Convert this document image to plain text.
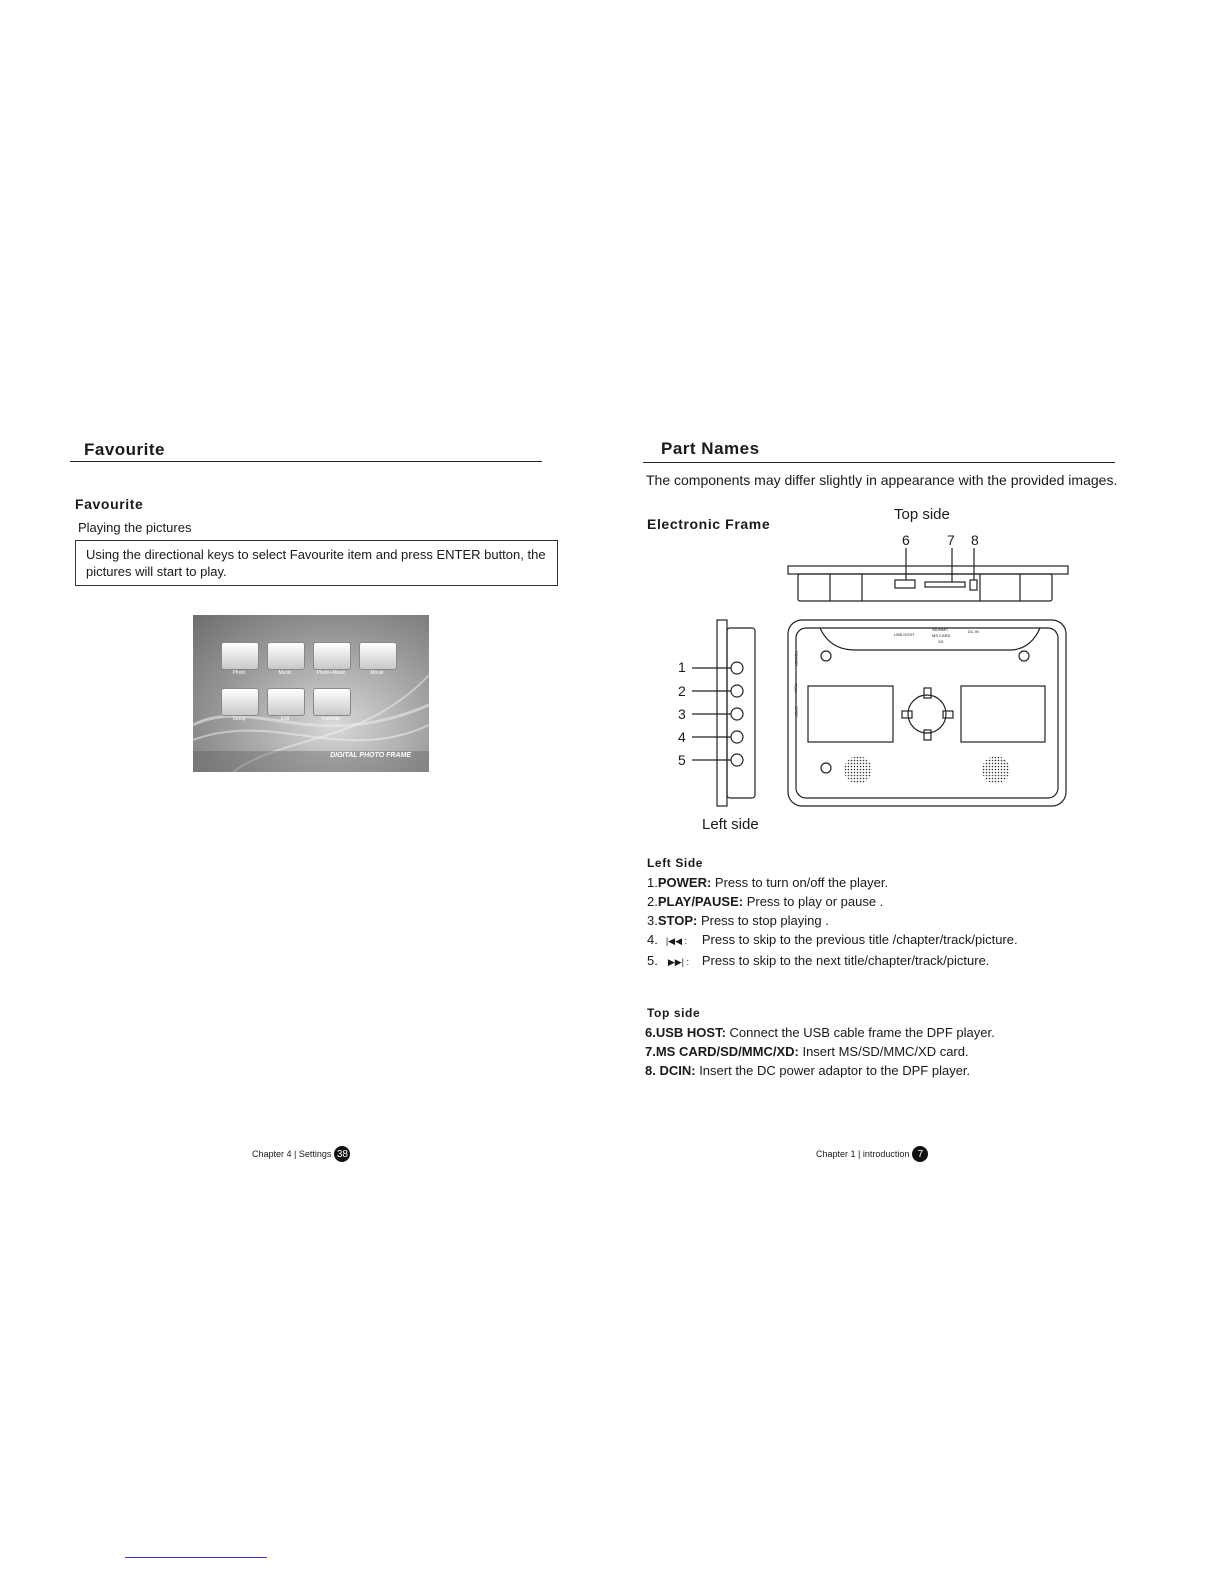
Favourite
Favourite
Playing the pictures
Using the directional keys to select Favourite item and press ENTER button, the pictures will start to play.
Photo	Music	Photo+Music	Movie
Setup	Edit	Favorite
DIGITAL PHOTO FRAME
Chapter 4 | Settings 38
Part Names
The components may differ slightly in appearance with the provided images.
Electronic Frame
Top side
Left side
6	7 8
1
2
3
4
5
USB HOST
SD/MMC
MS CARD
XD
DC IN
POWER
PLAY
STOP
Left Side
1.POWER: Press to turn on/off the player.
2.PLAY/PAUSE: Press to play or pause .
3.STOP: Press to stop playing .
4. |◀◀ : Press to skip to the previous title /chapter/track/picture.
5. ▶▶| : Press to skip to the next title/chapter/track/picture.
Top side
6.USB HOST: Connect the USB cable frame the DPF player.
7.MS CARD/SD/MMC/XD: Insert MS/SD/MMC/XD card.
8. DCIN: Insert the DC power adaptor to the DPF player.
Chapter 1 | introduction 7
